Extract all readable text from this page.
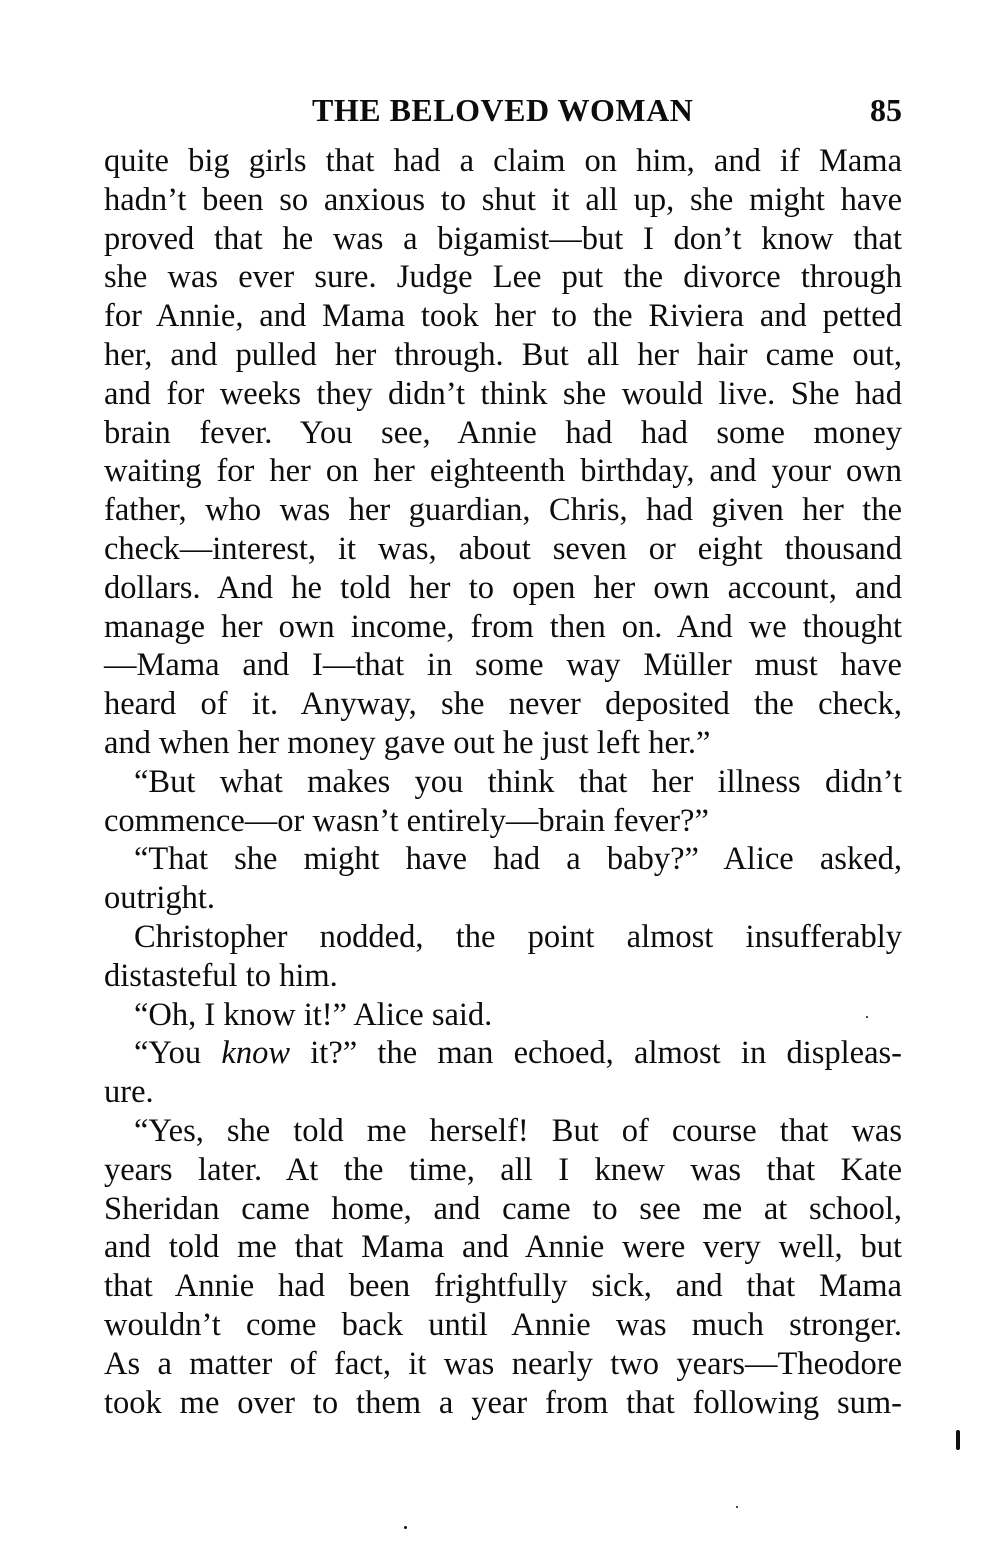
THE BELOVED WOMAN	85
quite big girls that had a claim on him, and if Mama
hadn’t been so anxious to shut it all up, she might have
proved that he was a bigamist—but I don’t know that
she was ever sure. Judge Lee put the divorce through
for Annie, and Mama took her to the Riviera and petted
her, and pulled her through. But all her hair came out,
and for weeks they didn’t think she would live. She had
brain fever. You see, Annie had had some money
waiting for her on her eighteenth birthday, and your own
father, who was her guardian, Chris, had given her the
check—interest, it was, about seven or eight thousand
dollars. And he told her to open her own account, and
manage her own income, from then on. And we thought
—Mama and I—that in some way Müller must have
heard of it. Anyway, she never deposited the check,
and when her money gave out he just left her.”
“But what makes you think that her illness didn’t
commence—or wasn’t entirely—brain fever?”
“That she might have had a baby?” Alice asked,
outright.
Christopher nodded, the point almost insufferably
distasteful to him.
“Oh, I know it!” Alice said.
“You know it?” the man echoed, almost in displeas-
ure.
“Yes, she told me herself! But of course that was
years later. At the time, all I knew was that Kate
Sheridan came home, and came to see me at school,
and told me that Mama and Annie were very well, but
that Annie had been frightfully sick, and that Mama
wouldn’t come back until Annie was much stronger.
As a matter of fact, it was nearly two years—Theodore
took me over to them a year from that following sum-
